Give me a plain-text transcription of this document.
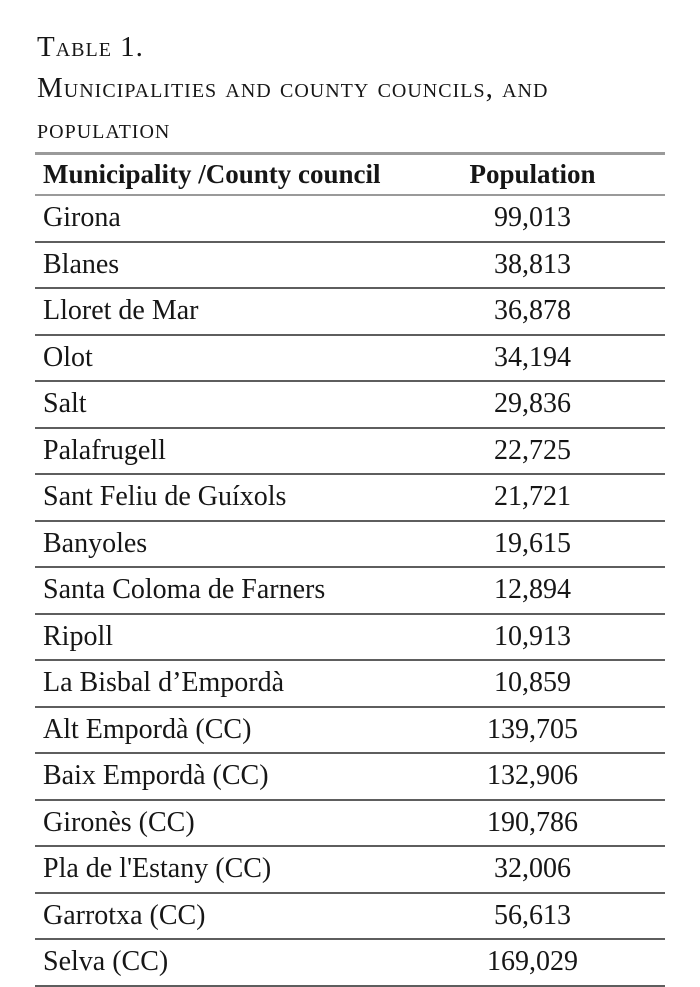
Table 1.
Municipalities and county councils, and
population
Municipality /County council	Population
Girona	99,013
Blanes	38,813
Lloret de Mar	36,878
Olot	34,194
Salt	29,836
Palafrugell	22,725
Sant Feliu de Guíxols	21,721
Banyoles	19,615
Santa Coloma de Farners	12,894
Ripoll	10,913
La Bisbal d’Empordà	10,859
Alt Empordà (CC)	139,705
Baix Empordà (CC)	132,906
Gironès (CC)	190,786
Pla de l'Estany (CC)	32,006
Garrotxa (CC)	56,613
Selva (CC)	169,029
